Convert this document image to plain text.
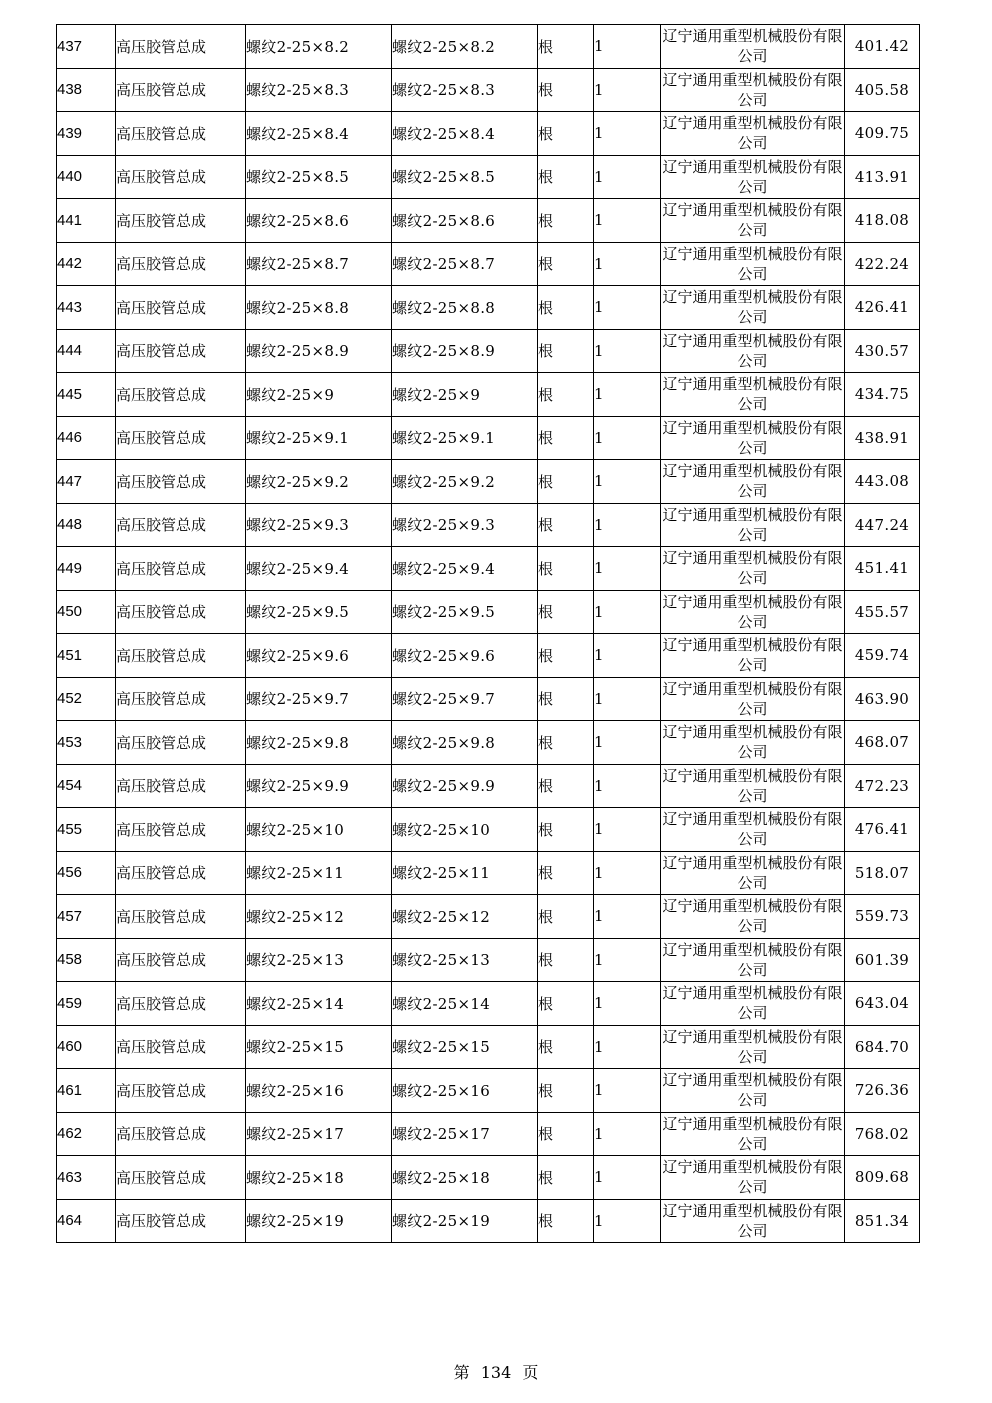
437	高压胶管总成	螺纹2-25×8.2	螺纹2-25×8.2	根	1	辽宁通用重型机械股份有限公司	401.42
438	高压胶管总成	螺纹2-25×8.3	螺纹2-25×8.3	根	1	辽宁通用重型机械股份有限公司	405.58
439	高压胶管总成	螺纹2-25×8.4	螺纹2-25×8.4	根	1	辽宁通用重型机械股份有限公司	409.75
440	高压胶管总成	螺纹2-25×8.5	螺纹2-25×8.5	根	1	辽宁通用重型机械股份有限公司	413.91
441	高压胶管总成	螺纹2-25×8.6	螺纹2-25×8.6	根	1	辽宁通用重型机械股份有限公司	418.08
442	高压胶管总成	螺纹2-25×8.7	螺纹2-25×8.7	根	1	辽宁通用重型机械股份有限公司	422.24
443	高压胶管总成	螺纹2-25×8.8	螺纹2-25×8.8	根	1	辽宁通用重型机械股份有限公司	426.41
444	高压胶管总成	螺纹2-25×8.9	螺纹2-25×8.9	根	1	辽宁通用重型机械股份有限公司	430.57
445	高压胶管总成	螺纹2-25×9	螺纹2-25×9	根	1	辽宁通用重型机械股份有限公司	434.75
446	高压胶管总成	螺纹2-25×9.1	螺纹2-25×9.1	根	1	辽宁通用重型机械股份有限公司	438.91
447	高压胶管总成	螺纹2-25×9.2	螺纹2-25×9.2	根	1	辽宁通用重型机械股份有限公司	443.08
448	高压胶管总成	螺纹2-25×9.3	螺纹2-25×9.3	根	1	辽宁通用重型机械股份有限公司	447.24
449	高压胶管总成	螺纹2-25×9.4	螺纹2-25×9.4	根	1	辽宁通用重型机械股份有限公司	451.41
450	高压胶管总成	螺纹2-25×9.5	螺纹2-25×9.5	根	1	辽宁通用重型机械股份有限公司	455.57
451	高压胶管总成	螺纹2-25×9.6	螺纹2-25×9.6	根	1	辽宁通用重型机械股份有限公司	459.74
452	高压胶管总成	螺纹2-25×9.7	螺纹2-25×9.7	根	1	辽宁通用重型机械股份有限公司	463.90
453	高压胶管总成	螺纹2-25×9.8	螺纹2-25×9.8	根	1	辽宁通用重型机械股份有限公司	468.07
454	高压胶管总成	螺纹2-25×9.9	螺纹2-25×9.9	根	1	辽宁通用重型机械股份有限公司	472.23
455	高压胶管总成	螺纹2-25×10	螺纹2-25×10	根	1	辽宁通用重型机械股份有限公司	476.41
456	高压胶管总成	螺纹2-25×11	螺纹2-25×11	根	1	辽宁通用重型机械股份有限公司	518.07
457	高压胶管总成	螺纹2-25×12	螺纹2-25×12	根	1	辽宁通用重型机械股份有限公司	559.73
458	高压胶管总成	螺纹2-25×13	螺纹2-25×13	根	1	辽宁通用重型机械股份有限公司	601.39
459	高压胶管总成	螺纹2-25×14	螺纹2-25×14	根	1	辽宁通用重型机械股份有限公司	643.04
460	高压胶管总成	螺纹2-25×15	螺纹2-25×15	根	1	辽宁通用重型机械股份有限公司	684.70
461	高压胶管总成	螺纹2-25×16	螺纹2-25×16	根	1	辽宁通用重型机械股份有限公司	726.36
462	高压胶管总成	螺纹2-25×17	螺纹2-25×17	根	1	辽宁通用重型机械股份有限公司	768.02
463	高压胶管总成	螺纹2-25×18	螺纹2-25×18	根	1	辽宁通用重型机械股份有限公司	809.68
464	高压胶管总成	螺纹2-25×19	螺纹2-25×19	根	1	辽宁通用重型机械股份有限公司	851.34
第 134 页
